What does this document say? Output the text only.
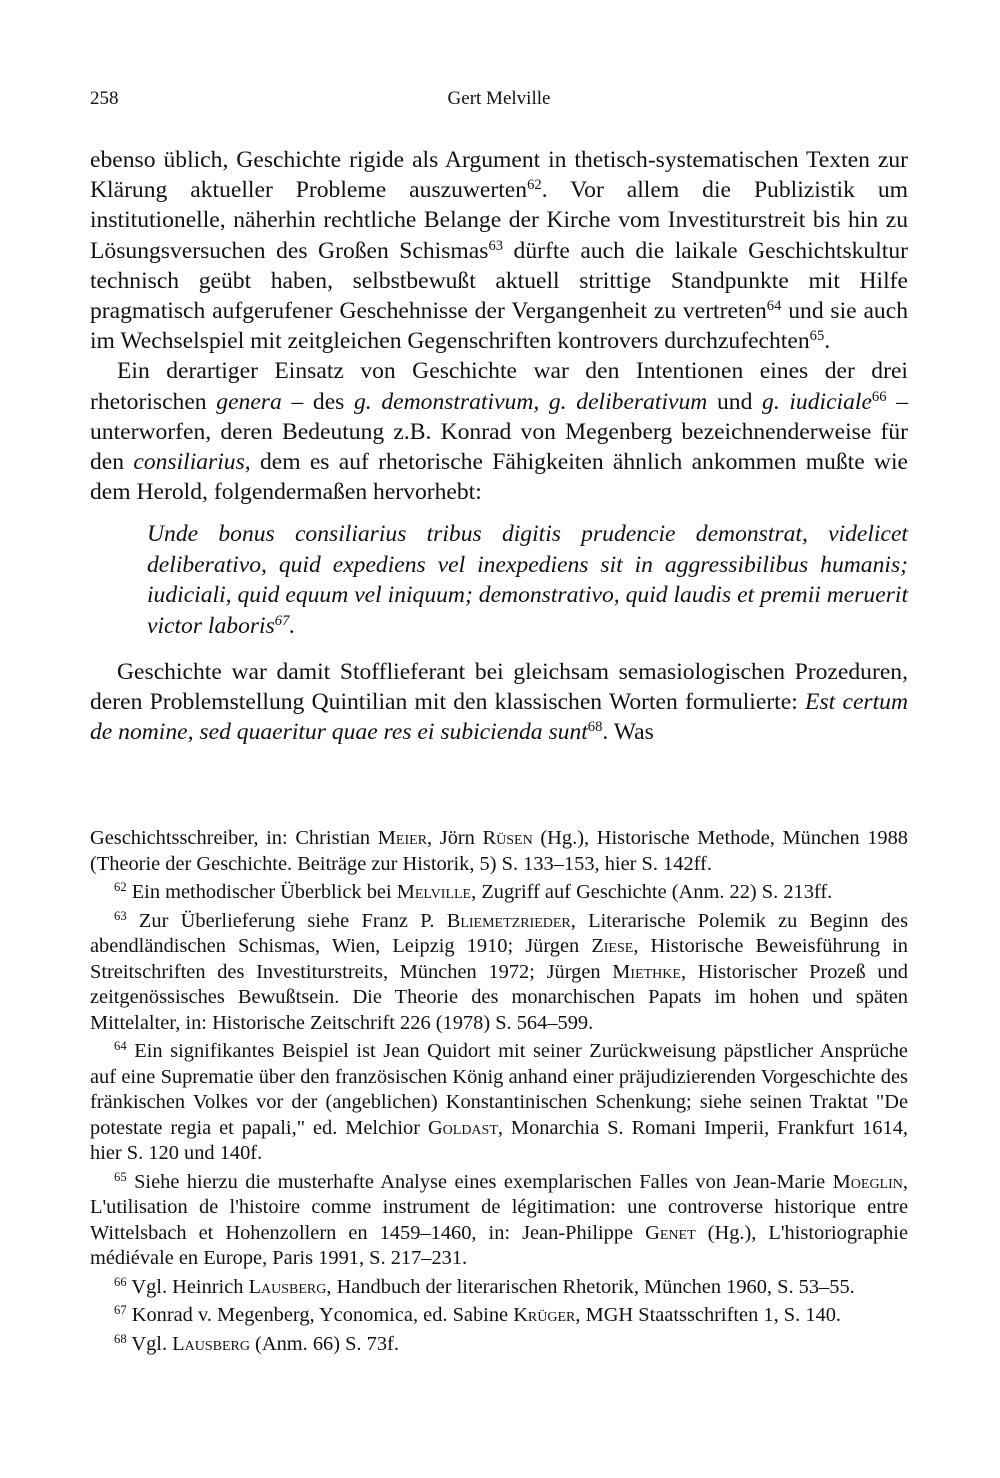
258	Gert Melville

ebenso üblich, Geschichte rigide als Argument in thetisch-systematischen Texten zur Klärung aktueller Probleme auszuwerten$^{62}$. Vor allem die Publizistik um institutionelle, näherhin rechtliche Belange der Kirche vom Investiturstreit bis hin zu Lösungsversuchen des Großen Schismas$^{63}$ dürfte auch die laikale Geschichtskultur technisch geübt haben, selbstbewußt aktuell strittige Standpunkte mit Hilfe pragmatisch aufgerufener Geschehnisse der Vergangenheit zu vertreten$^{64}$ und sie auch im Wechselspiel mit zeitgleichen Gegenschriften kontrovers durchzufechten$^{65}$.

Ein derartiger Einsatz von Geschichte war den Intentionen eines der drei rhetorischen genera – des g. demonstrativum, g. deliberativum und g. iudiciale$^{66}$ – unterworfen, deren Bedeutung z.B. Konrad von Megenberg bezeichnenderweise für den consiliarius, dem es auf rhetorische Fähigkeiten ähnlich ankommen mußte wie dem Herold, folgendermaßen hervorhebt:

Unde bonus consiliarius tribus digitis prudencie demonstrat, videlicet deliberativo, quid expediens vel inexpediens sit in aggressibilibus humanis; iudiciali, quid equum vel iniquum; demonstrativo, quid laudis et premii meruerit victor laboris$^{67}$.

Geschichte war damit Stofflieferant bei gleichsam semasiologischen Prozeduren, deren Problemstellung Quintilian mit den klassischen Worten formulierte: Est certum de nomine, sed quaeritur quae res ei subicienda sunt$^{68}$. Was

Geschichtsschreiber, in: Christian Meier, Jörn Rüsen (Hg.), Historische Methode, München 1988 (Theorie der Geschichte. Beiträge zur Historik, 5) S. 133–153, hier S. 142ff.

$^{62}$ Ein methodischer Überblick bei Melville, Zugriff auf Geschichte (Anm. 22) S. 213ff.

$^{63}$ Zur Überlieferung siehe Franz P. Bliemetzrieder, Literarische Polemik zu Beginn des abendländischen Schismas, Wien, Leipzig 1910; Jürgen Ziese, Historische Beweisführung in Streitschriften des Investiturstreits, München 1972; Jürgen Miethke, Historischer Prozeß und zeitgenössisches Bewußtsein. Die Theorie des monarchischen Papats im hohen und späten Mittelalter, in: Historische Zeitschrift 226 (1978) S. 564–599.

$^{64}$ Ein signifikantes Beispiel ist Jean Quidort mit seiner Zurückweisung päpstlicher Ansprüche auf eine Suprematie über den französischen König anhand einer präjudizierenden Vorgeschichte des fränkischen Volkes vor der (angeblichen) Konstantinischen Schenkung; siehe seinen Traktat "De potestate regia et papali," ed. Melchior Goldast, Monarchia S. Romani Imperii, Frankfurt 1614, hier S. 120 und 140f.

$^{65}$ Siehe hierzu die musterhafte Analyse eines exemplarischen Falles von Jean-Marie Moeglin, L'utilisation de l'histoire comme instrument de légitimation: une controverse historique entre Wittelsbach et Hohenzollern en 1459–1460, in: Jean-Philippe Genet (Hg.), L'historiographie médiévale en Europe, Paris 1991, S. 217–231.

$^{66}$ Vgl. Heinrich Lausberg, Handbuch der literarischen Rhetorik, München 1960, S. 53–55.

$^{67}$ Konrad v. Megenberg, Yconomica, ed. Sabine Krüger, MGH Staatsschriften 1, S. 140.

$^{68}$ Vgl. Lausberg (Anm. 66) S. 73f.
